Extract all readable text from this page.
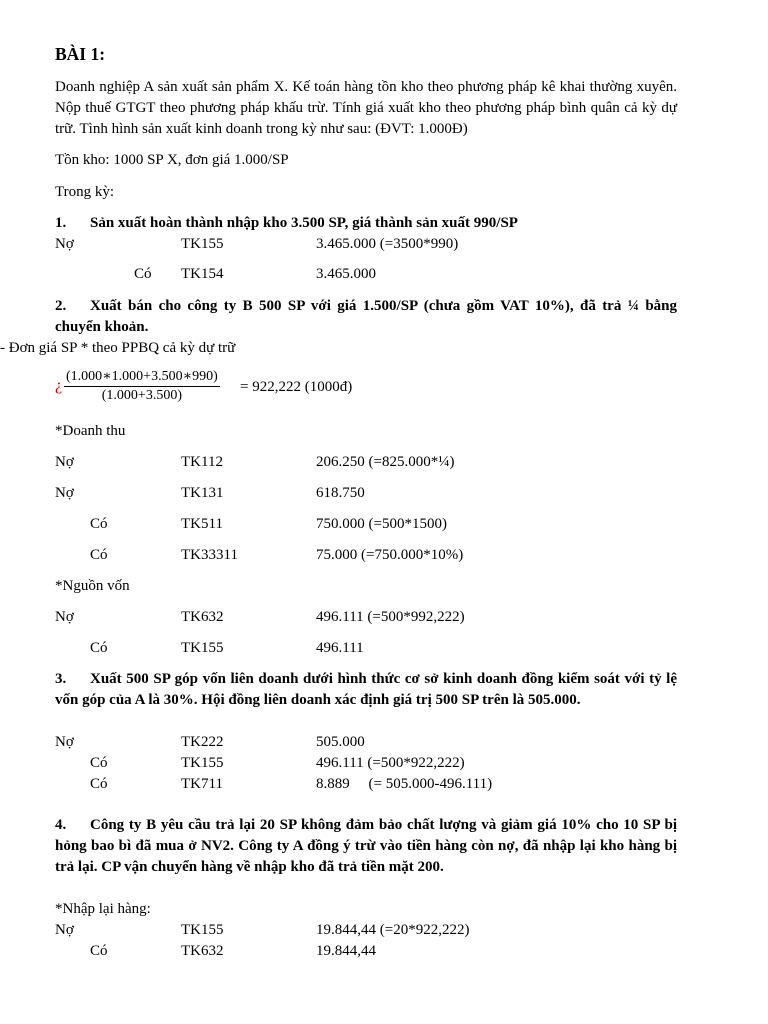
BÀI 1:
Doanh nghiệp A sản xuất sản phẩm X. Kế toán hàng tồn kho theo phương pháp kê khai thường xuyên. Nộp thuế GTGT theo phương pháp khấu trừ. Tính giá xuất kho theo phương pháp bình quân cả kỳ dự trữ. Tình hình sản xuất kinh doanh trong kỳ như sau: (ĐVT: 1.000Đ)
Tồn kho: 1000 SP X, đơn giá 1.000/SP
Trong kỳ:
1. Sản xuất hoàn thành nhập kho 3.500 SP, giá thành sản xuất 990/SP
Nợ	TK155	3.465.000 (=3500*990)
Có TK154	3.465.000
2.	Xuất bán cho công ty B 500 SP với giá 1.500/SP (chưa gồm VAT 10%), đã trả ¼ bằng chuyển khoản.
- Đơn giá SP * theo PPBQ cả kỳ dự trữ
¿ $\frac{(1.000∗1.000+3.500∗990)}{(1.000+3.500)} = 922,222$ (1000đ)
*Doanh thu
Nợ	TK112	206.250 (=825.000*¼)
Nợ	TK131	618.750
Có	TK511	750.000 (=500*1500)
Có	TK33311	75.000 (=750.000*10%)
*Nguồn vốn
Nợ	TK632	496.111 (=500*992,222)
Có	TK155	496.111
3.	Xuất 500 SP góp vốn liên doanh dưới hình thức cơ sở kinh doanh đồng kiểm soát với tỷ lệ vốn góp của A là 30%. Hội đồng liên doanh xác định giá trị 500 SP trên là 505.000.
Nợ	TK222	505.000
Có	TK155	496.111 (=500*922,222)
Có	TK711	8.889     (= 505.000-496.111)
4.	Công ty B yêu cầu trả lại 20 SP không đảm bảo chất lượng và giảm giá 10% cho 10 SP bị hỏng bao bì đã mua ở NV2. Công ty A đồng ý trừ vào tiền hàng còn nợ, đã nhập lại kho hàng bị trả lại. CP vận chuyển hàng về nhập kho đã trả tiền mặt 200.
*Nhập lại hàng:
Nợ	TK155	19.844,44 (=20*922,222)
Có	TK632	19.844,44
